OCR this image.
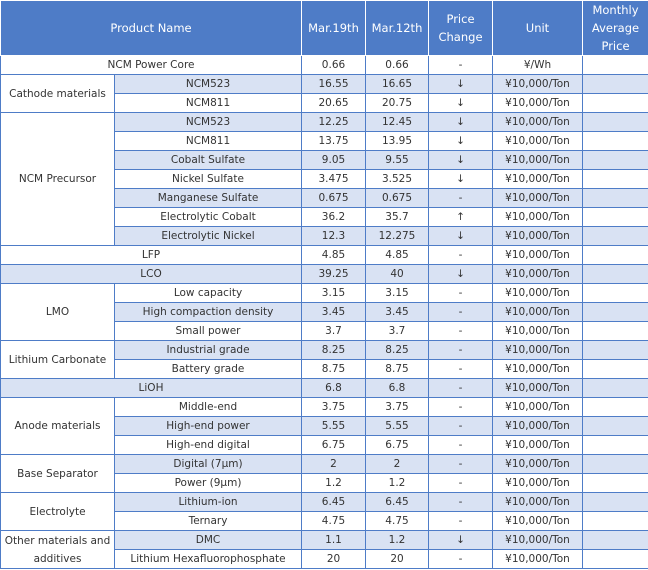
Product Name		Mar.19th	Mar.12th	Price Change	Unit	Monthly Average Price
NCM Power Core		0.66	0.66	-	¥/Wh	
Cathode materials	NCM523	16.55	16.65	↓	¥10,000/Ton	
	NCM811	20.65	20.75	↓	¥10,000/Ton	
NCM Precursor	NCM523	12.25	12.45	↓	¥10,000/Ton	
	NCM811	13.75	13.95	↓	¥10,000/Ton	
	Cobalt Sulfate	9.05	9.55	↓	¥10,000/Ton	
	Nickel Sulfate	3.475	3.525	↓	¥10,000/Ton	
	Manganese Sulfate	0.675	0.675	-	¥10,000/Ton	
	Electrolytic Cobalt	36.2	35.7	↑	¥10,000/Ton	
	Electrolytic Nickel	12.3	12.275	↓	¥10,000/Ton	
LFP		4.85	4.85	-	¥10,000/Ton	
LCO		39.25	40	↓	¥10,000/Ton	
LMO	Low capacity	3.15	3.15	-	¥10,000/Ton	
	High compaction density	3.45	3.45	-	¥10,000/Ton	
	Small power	3.7	3.7	-	¥10,000/Ton	
Lithium Carbonate	Industrial grade	8.25	8.25	-	¥10,000/Ton	
	Battery grade	8.75	8.75	-	¥10,000/Ton	
LiOH		6.8	6.8	-	¥10,000/Ton	
Anode materials	Middle-end	3.75	3.75	-	¥10,000/Ton	
	High-end power	5.55	5.55	-	¥10,000/Ton	
	High-end digital	6.75	6.75	-	¥10,000/Ton	
Base Separator	Digital (7μm)	2	2	-	¥10,000/Ton	
	Power (9μm)	1.2	1.2	-	¥10,000/Ton	
Electrolyte	Lithium-ion	6.45	6.45	-	¥10,000/Ton	
	Ternary	4.75	4.75	-	¥10,000/Ton	
Other materials and additives	DMC	1.1	1.2	↓	¥10,000/Ton	
	Lithium Hexafluorophosphate	20	20	-	¥10,000/Ton	
